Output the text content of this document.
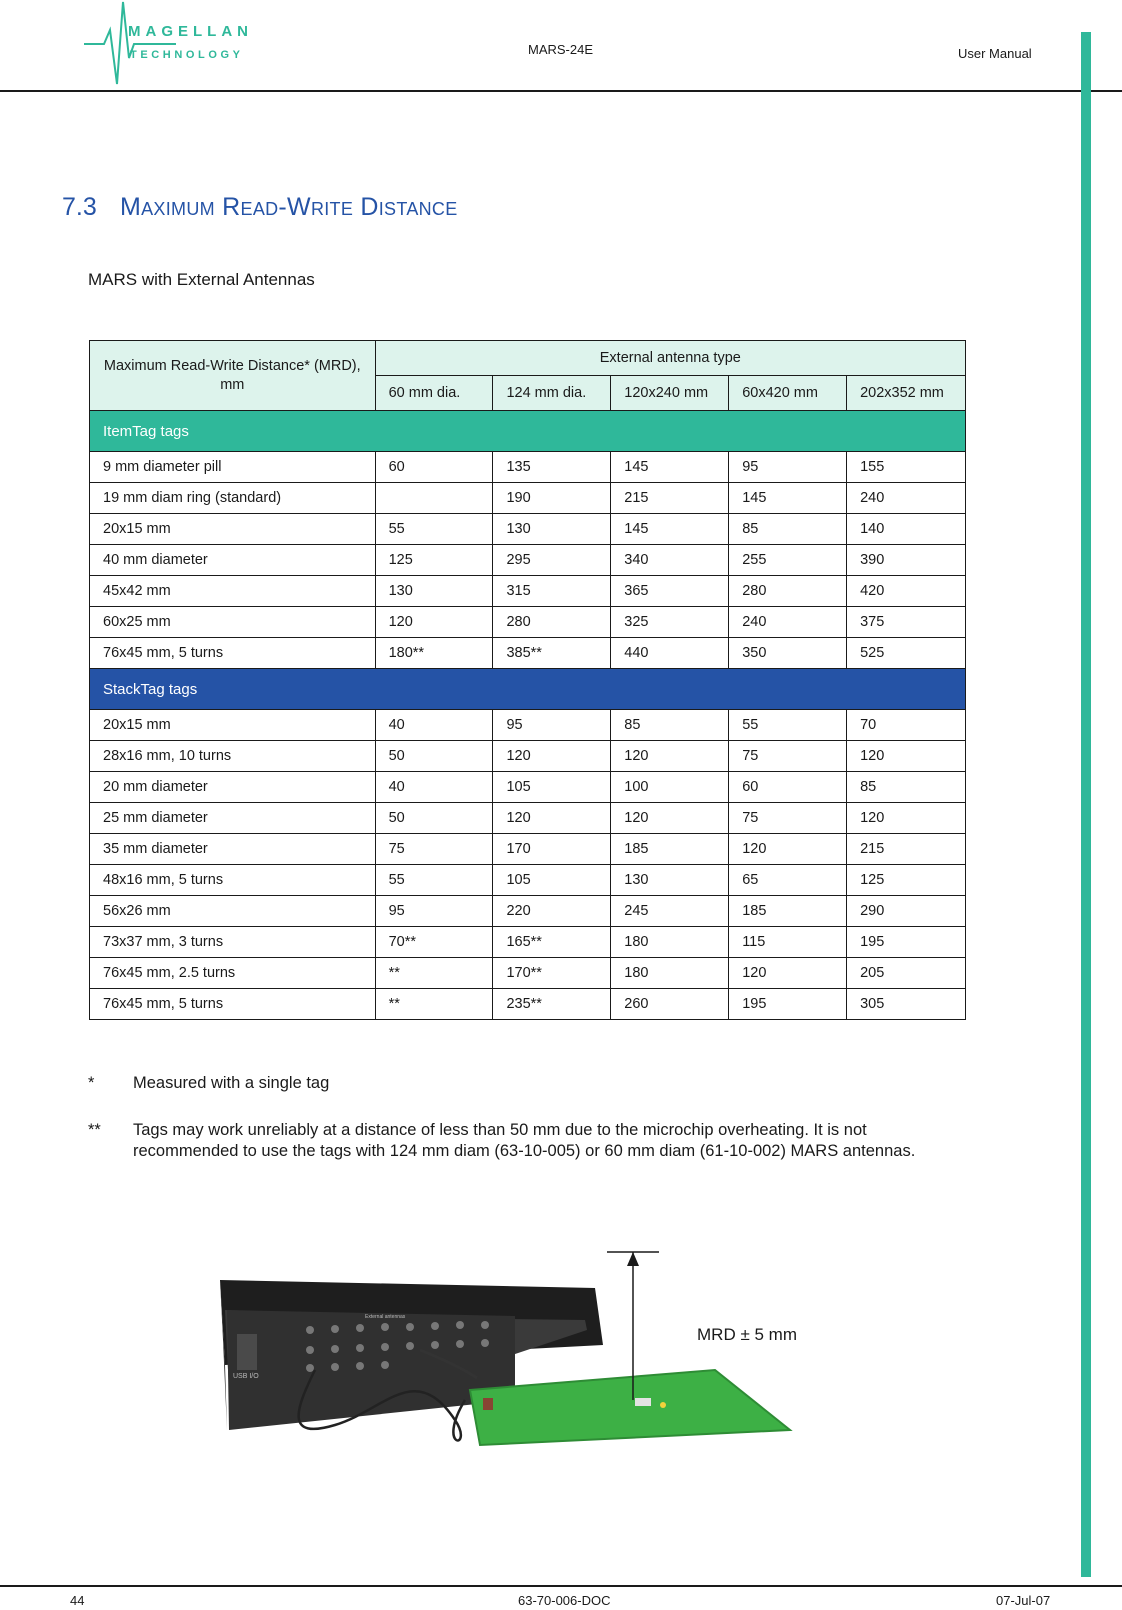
MAGELLAN
TECHNOLOGY	MARS-24E	User Manual
7.3 Maximum Read-Write Distance
MARS with External Antennas
Maximum Read-Write Distance* (MRD), mm	External antenna type				
	60 mm dia.	124 mm dia.	120x240 mm	60x420 mm	202x352 mm
ItemTag tags					
9 mm diameter pill	60	135	145	95	155
19 mm diam ring (standard)		190	215	145	240
20x15 mm	55	130	145	85	140
40 mm diameter	125	295	340	255	390
45x42 mm	130	315	365	280	420
60x25 mm	120	280	325	240	375
76x45 mm, 5 turns	180**	385**	440	350	525
StackTag tags					
20x15 mm	40	95	85	55	70
28x16 mm, 10 turns	50	120	120	75	120
20 mm diameter	40	105	100	60	85
25 mm diameter	50	120	120	75	120
35 mm diameter	75	170	185	120	215
48x16 mm, 5 turns	55	105	130	65	125
56x26 mm	95	220	245	185	290
73x37 mm, 3 turns	70**	165**	180	115	195
76x45 mm, 2.5 turns	**	170**	180	120	205
76x45 mm, 5 turns	**	235**	260	195	305
*	Measured with a single tag
**	Tags may work unreliably at a distance of less than 50 mm due to the microchip overheating. It is not recommended to use the tags with 124 mm diam (63-10-005) or 60 mm diam (61-10-002) MARS antennas.
USB I/O
External antennas
MRD ± 5 mm
44	63-70-006-DOC	07-Jul-07
